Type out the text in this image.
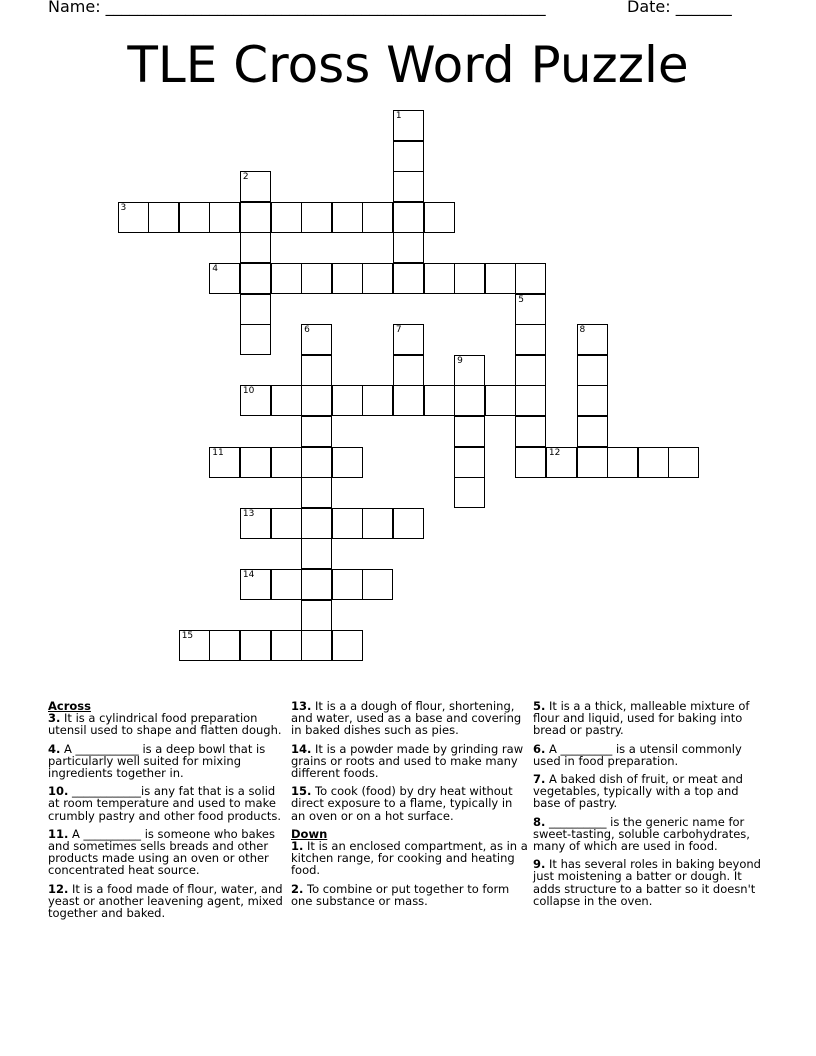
Name: _______________________________________________________	Date: _______
TLE Cross Word Puzzle
1
2
3
4
5
6	7	8
9
10
11	12
13
14
15
Across
3. It is a cylindrical food preparation utensil used to shape and flatten dough.
4. A ___________ is a deep bowl that is particularly well suited for mixing ingredients together in.
10. ____________is any fat that is a solid at room temperature and used to make crumbly pastry and other food products.
11. A __________ is someone who bakes and sometimes sells breads and other products made using an oven or other concentrated heat source.
12. It is a food made of flour, water, and yeast or another leavening agent, mixed together and baked.
13. It is a a dough of flour, shortening, and water, used as a base and covering in baked dishes such as pies.
14. It is a powder made by grinding raw grains or roots and used to make many different foods.
15. To cook (food) by dry heat without direct exposure to a flame, typically in an oven or on a hot surface.
Down
1. It is an enclosed compartment, as in a kitchen range, for cooking and heating food.
2. To combine or put together to form one substance or mass.
5. It is a a thick, malleable mixture of flour and liquid, used for baking into bread or pastry.
6. A _________ is a utensil commonly used in food preparation.
7. A baked dish of fruit, or meat and vegetables, typically with a top and base of pastry.
8. __________ is the generic name for sweet-tasting, soluble carbohydrates, many of which are used in food.
9. It has several roles in baking beyond just moistening a batter or dough. It adds structure to a batter so it doesn't collapse in the oven.
